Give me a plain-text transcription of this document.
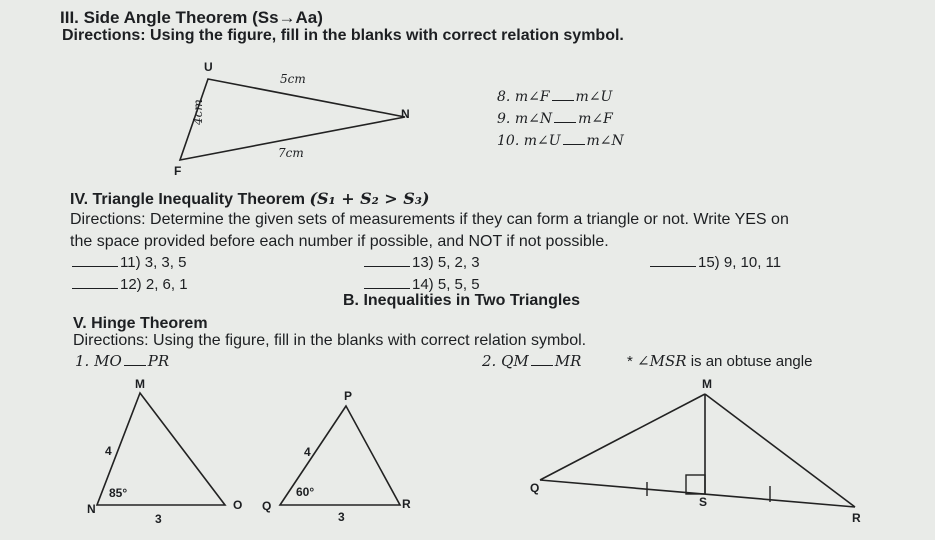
III. Side Angle Theorem (Ss→Aa)
Directions: Using the figure, fill in the blanks with correct relation symbol.
U
F
N
5cm
4cm
7cm
8. m∠F m∠U
9. m∠N m∠F
10. m∠U m∠N
IV. Triangle Inequality Theorem (S₁ + S₂ > S₃)
Directions: Determine the given sets of measurements if they can form a triangle or not. Write YES on
the space provided before each number if possible, and NOT if not possible.
11) 3, 3, 5
12) 2, 6, 1
13) 5, 2, 3
14) 5, 5, 5
15) 9, 10, 11
B. Inequalities in Two Triangles
V. Hinge Theorem
Directions: Using the figure, fill in the blanks with correct relation symbol.
1. MO PR	2. QM MR	* ∠MSR is an obtuse angle
M
N	O
4
85°
3
P
Q	R
4
60°
3
M
Q
S
R
